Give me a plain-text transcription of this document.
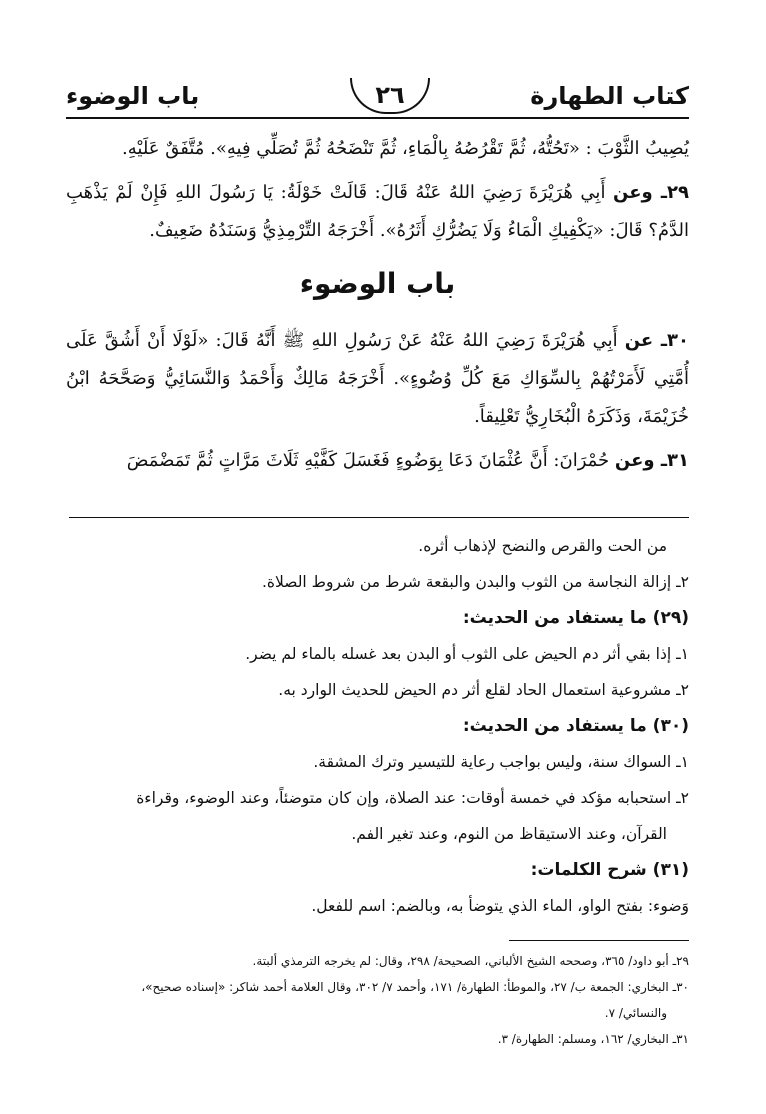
كتاب الطهارة
٢٦
باب الوضوء

يُصِيبُ الثَّوْبَ : «تَحُتُّهُ، ثُمَّ تَقْرُصُهُ بِالْمَاءِ، ثُمَّ تَنْضَحُهُ ثُمَّ تُصَلِّي فِيهِ». مُتَّفَقٌ عَلَيْهِ.

٢٩ـ وعن أَبِي هُرَيْرَةَ رَضِيَ اللهُ عَنْهُ قَالَ: قَالَتْ خَوْلَةُ: يَا رَسُولَ اللهِ فَإِنْ لَمْ يَذْهَبِ الدَّمُ؟ قَالَ: «يَكْفِيكِ الْمَاءُ وَلَا يَضُرُّكِ أَثَرُهُ». أَخْرَجَهُ التِّرْمِذِيُّ وَسَنَدُهُ ضَعِيفٌ.

باب الوضوء

٣٠ـ عن أَبِي هُرَيْرَةَ رَضِيَ اللهُ عَنْهُ عَنْ رَسُولِ اللهِ ﷺ أَنَّهُ قَالَ: «لَوْلَا أَنْ أَشُقَّ عَلَى أُمَّتِي لَأَمَرْتُهُمْ بِالسِّوَاكِ مَعَ كُلِّ وُضُوءٍ». أَخْرَجَهُ مَالِكٌ وَأَحْمَدُ وَالنَّسَائِيُّ وَصَحَّحَهُ ابْنُ خُزَيْمَةَ، وَذَكَرَهُ الْبُخَارِيُّ تَعْلِيقاً.

٣١ـ وعن حُمْرَانَ: أَنَّ عُثْمَانَ دَعَا بِوَضُوءٍ فَغَسَلَ كَفَّيْهِ ثَلَاثَ مَرَّاتٍ ثُمَّ تَمَضْمَضَ

من الحت والقرص والنضح لإذهاب أثره.

٢ـ إزالة النجاسة من الثوب والبدن والبقعة شرط من شروط الصلاة.

(٢٩) ما يستفاد من الحديث:

١ـ إذا بقي أثر دم الحيض على الثوب أو البدن بعد غسله بالماء لم يضر.

٢ـ مشروعية استعمال الحاد لقلع أثر دم الحيض للحديث الوارد به.

(٣٠) ما يستفاد من الحديث:

١ـ السواك سنة، وليس بواجب رعاية للتيسير وترك المشقة.

٢ـ استحبابه مؤكد في خمسة أوقات: عند الصلاة، وإن كان متوضئاً، وعند الوضوء، وقراءة

القرآن، وعند الاستيقاظ من النوم، وعند تغير الفم.

(٣١) شرح الكلمات:

وَضوء: بفتح الواو، الماء الذي يتوضأ به، وبالضم: اسم للفعل.

٢٩ـ أبو داود/ ٣٦٥، وصححه الشيخ الألباني، الصحيحة/ ٢٩٨، وقال: لم يخرجه الترمذي ألبتة.

٣٠ـ البخاري: الجمعة ب/ ٢٧، والموطأ: الطهارة/ ١٧١، وأحمد ٧/ ٣٠٢، وقال العلامة أحمد شاكر: «إسناده صحيح»،

والنسائي/ ٧.

٣١ـ البخاري/ ١٦٢، ومسلم: الطهارة/ ٣.
